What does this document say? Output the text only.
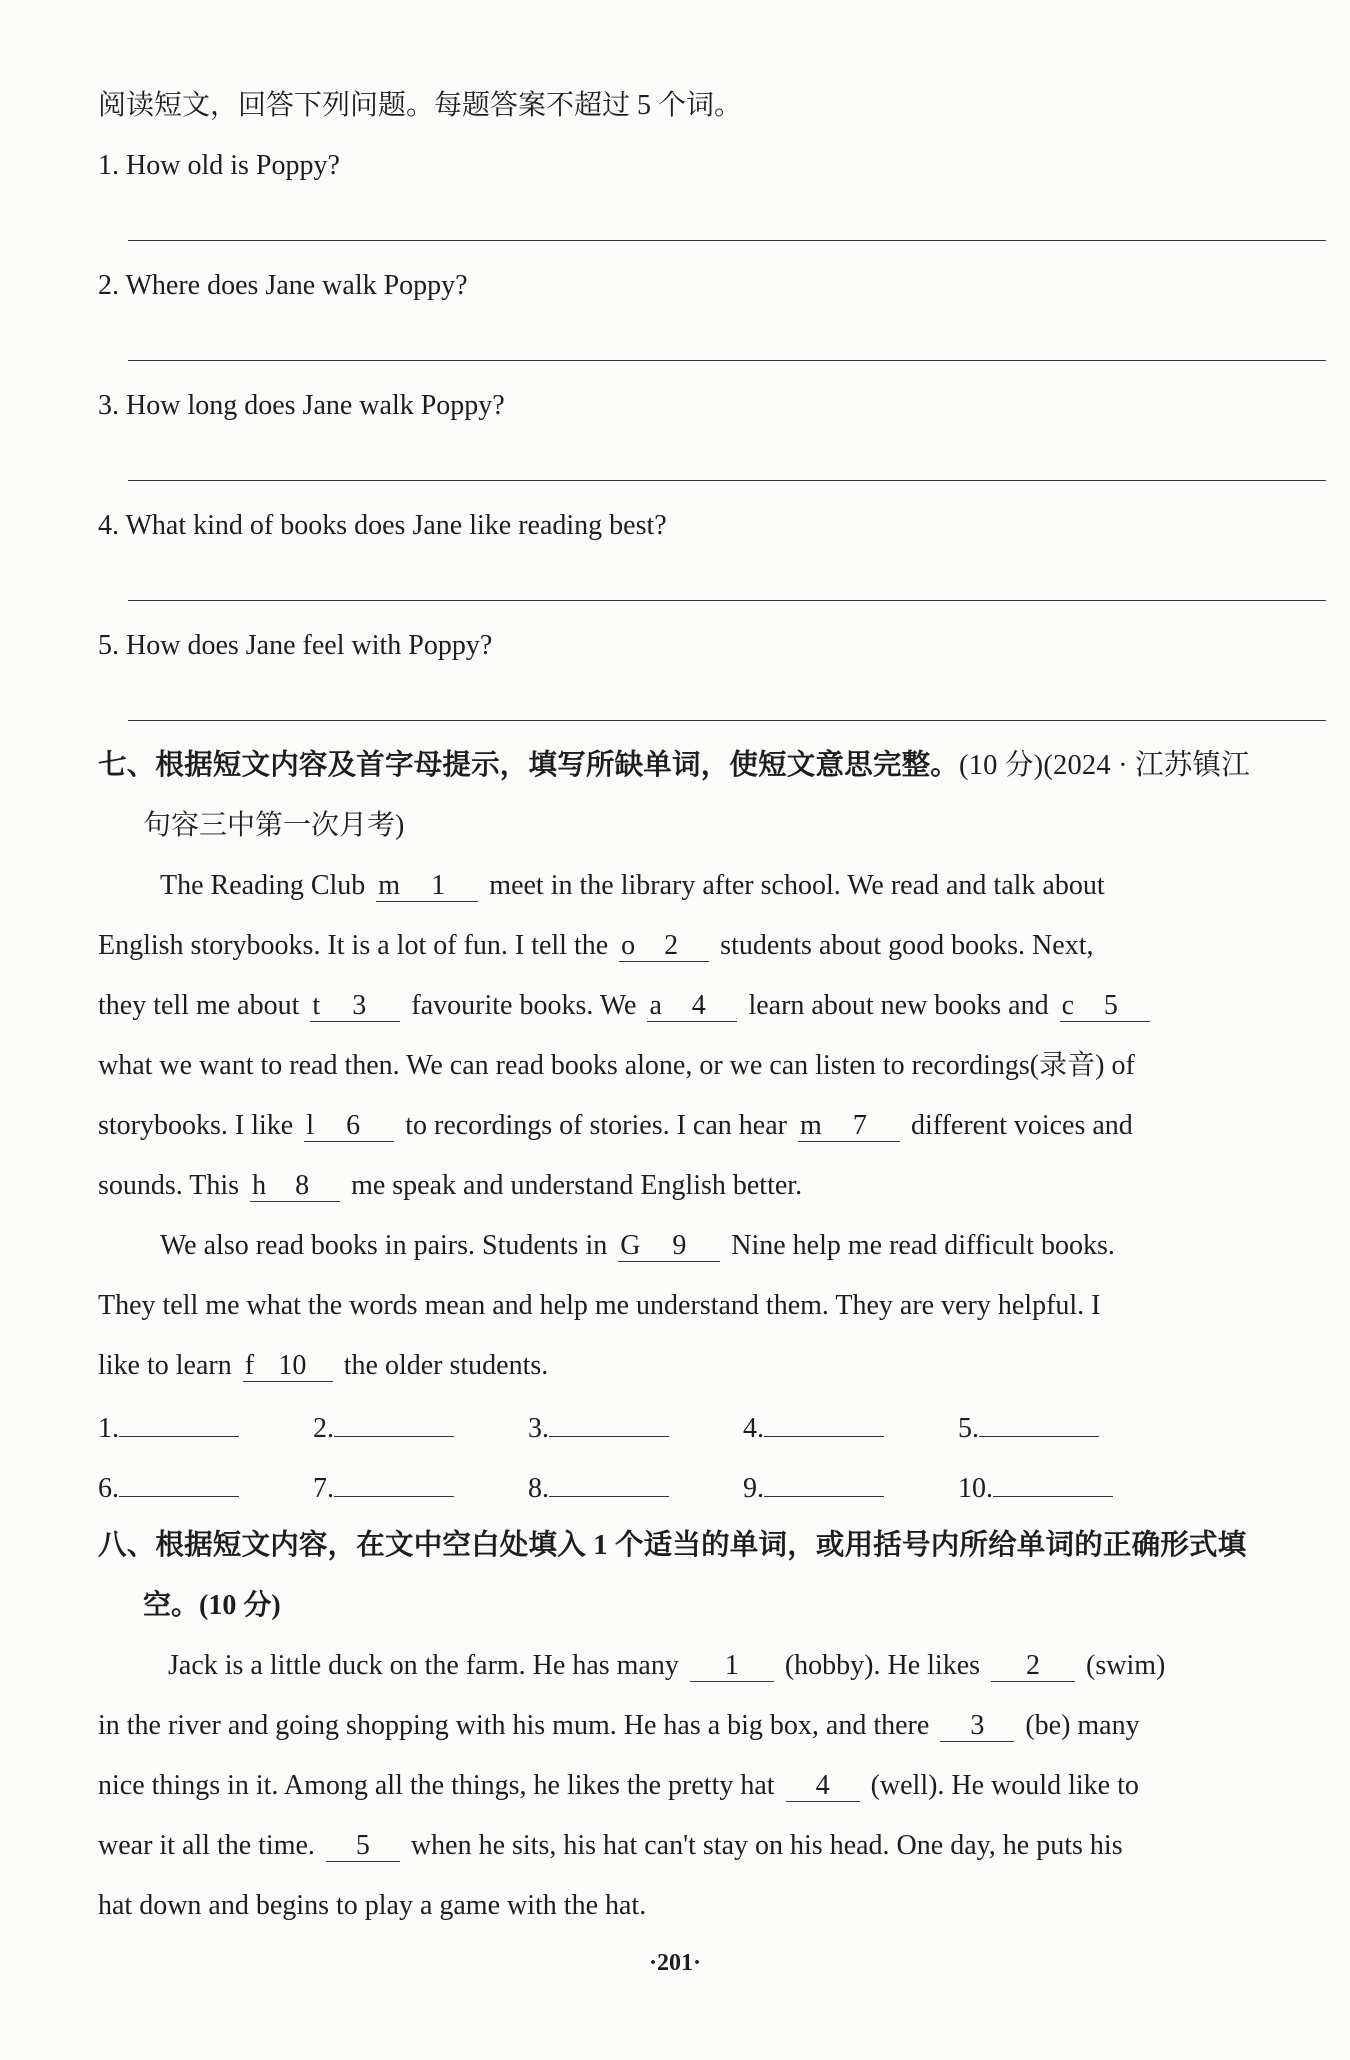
阅读短文，回答下列问题。每题答案不超过 5 个词。
1. How old is Poppy?
2. Where does Jane walk Poppy?
3. How long does Jane walk Poppy?
4. What kind of books does Jane like reading best?
5. How does Jane feel with Poppy?
七、根据短文内容及首字母提示，填写所缺单词，使短文意思完整。(10 分)(2024 · 江苏镇江
句容三中第一次月考)
The Reading Club m 1 meet in the library after school. We read and talk about
English storybooks. It is a lot of fun. I tell the o 2 students about good books. Next,
they tell me about t 3 favourite books. We a 4 learn about new books and c 5
what we want to read then. We can read books alone, or we can listen to recordings(录音) of
storybooks. I like l 6 to recordings of stories. I can hear m 7 different voices and
sounds. This h 8 me speak and understand English better.
We also read books in pairs. Students in G 9 Nine help me read difficult books.
They tell me what the words mean and help me understand them. They are very helpful. I
like to learn f 10 the older students.
1.	2.	3.	4.	5.
6.	7.	8.	9.	10.
八、根据短文内容，在文中空白处填入 1 个适当的单词，或用括号内所给单词的正确形式填
空。(10 分)
Jack is a little duck on the farm. He has many 1 (hobby). He likes 2 (swim)
in the river and going shopping with his mum. He has a big box, and there 3 (be) many
nice things in it. Among all the things, he likes the pretty hat 4 (well). He would like to
wear it all the time. 5 when he sits, his hat can't stay on his head. One day, he puts his
hat down and begins to play a game with the hat.
·201·
